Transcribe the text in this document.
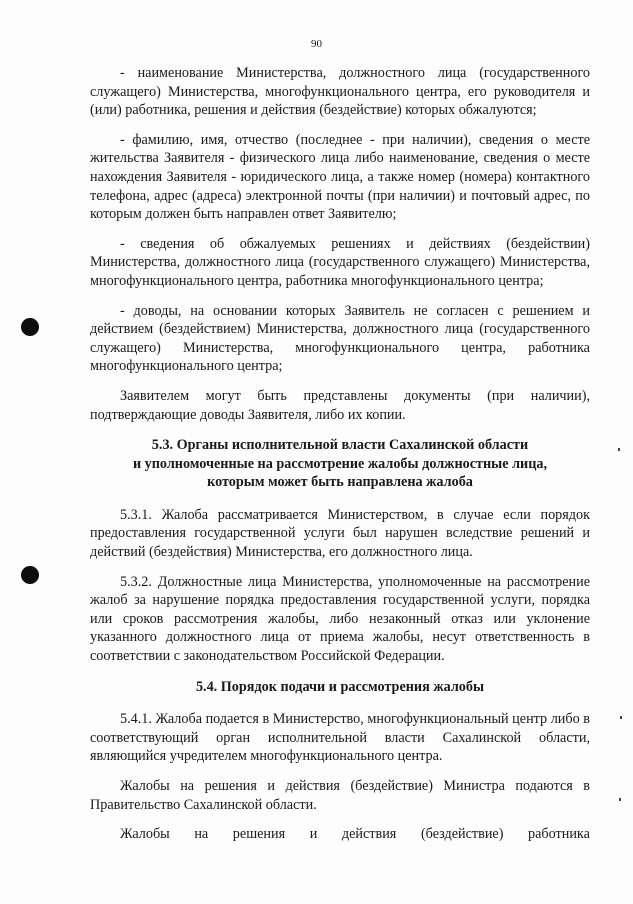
90

- наименование Министерства, должностного лица (государственного служащего) Министерства, многофункционального центра, его руководителя и (или) работника, решения и действия (бездействие) которых обжалуются;

- фамилию, имя, отчество (последнее - при наличии), сведения о месте жительства Заявителя - физического лица либо наименование, сведения о месте нахождения Заявителя - юридического лица, а также номер (номера) контактного телефона, адрес (адреса) электронной почты (при наличии) и почтовый адрес, по которым должен быть направлен ответ Заявителю;

- сведения об обжалуемых решениях и действиях (бездействии) Министерства, должностного лица (государственного служащего) Министерства, многофункционального центра, работника многофункционального центра;

- доводы, на основании которых Заявитель не согласен с решением и действием (бездействием) Министерства, должностного лица (государственного служащего) Министерства, многофункционального центра, работника многофункционального центра;

Заявителем могут быть представлены документы (при наличии), подтверждающие доводы Заявителя, либо их копии.

5.3. Органы исполнительной власти Сахалинской области
и уполномоченные на рассмотрение жалобы должностные лица,
которым может быть направлена жалоба

5.3.1. Жалоба рассматривается Министерством, в случае если порядок предоставления государственной услуги был нарушен вследствие решений и действий (бездействия) Министерства, его должностного лица.

5.3.2. Должностные лица Министерства, уполномоченные на рассмотрение жалоб за нарушение порядка предоставления государственной услуги, порядка или сроков рассмотрения жалобы, либо незаконный отказ или уклонение указанного должностного лица от приема жалобы, несут ответственность в соответствии с законодательством Российской Федерации.

5.4. Порядок подачи и рассмотрения жалобы

5.4.1. Жалоба подается в Министерство, многофункциональный центр либо в соответствующий орган исполнительной власти Сахалинской области, являющийся учредителем многофункционального центра.

Жалобы на решения и действия (бездействие) Министра подаются в Правительство Сахалинской области.

Жалобы на решения и действия (бездействие) работника
